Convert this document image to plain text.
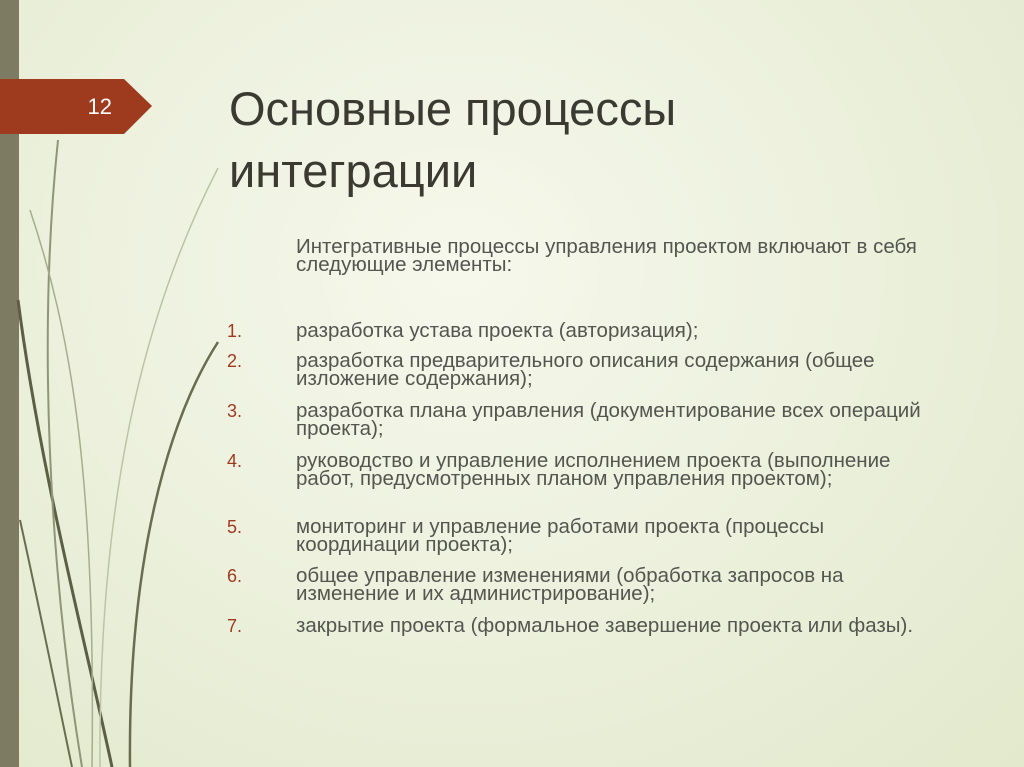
12 Основные процессы интеграции

Интегративные процессы управления проектом включают в себя следующие элементы:

1.	разработка устава проекта (авторизация);
2.	разработка предварительного описания содержания (общее изложение содержания);
3.	разработка плана управления (документирование всех операций проекта);
4.	руководство и управление исполнением проекта (выполнение работ, предусмотренных планом управления проектом);
5.	мониторинг и управление работами проекта (процессы координации проекта);
6.	общее управление изменениями (обработка запросов на изменение и их администрирование);
7.	закрытие проекта (формальное завершение проекта или фазы).
